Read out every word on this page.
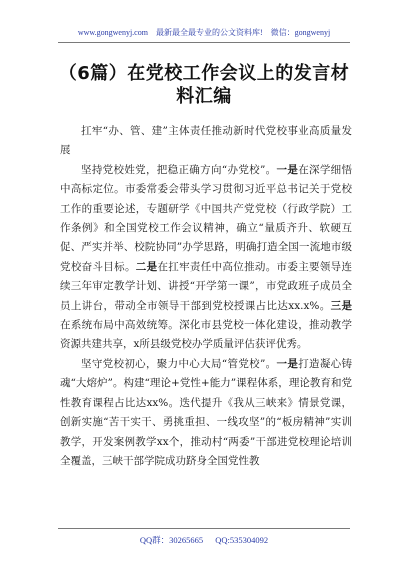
www.gongwenyj.com 最新最全最专业的公文资料库! 微信：gongwenyj
（6篇）在党校工作会议上的发言材料汇编

扛牢“办、管、建”主体责任推动新时代党校事业高质量发展

坚持党校姓党，把稳正确方向“办党校”。一是在深学细悟中高标定位。市委常委会带头学习贯彻习近平总书记关于党校工作的重要论述，专题研学《中国共产党党校（行政学院）工作条例》和全国党校工作会议精神，确立“量质齐升、软硬互促、严实并举、校院协同”办学思路，明确打造全国一流地市级党校奋斗目标。二是在扛牢责任中高位推动。市委主要领导连续三年审定教学计划、讲授“开学第一课”，市党政班子成员全员上讲台，带动全市领导干部到党校授课占比达xx.x%。三是在系统布局中高效统筹。深化市县党校一体化建设，推动教学资源共建共享，x所县级党校办学质量评估获评优秀。

坚守党校初心，聚力中心大局“管党校”。一是打造凝心铸魂“大熔炉”。构建“理论+党性+能力”课程体系，理论教育和党性教育课程占比达xx%。迭代提升《我从三峡来》情景党课，创新实施“苦干实干、勇挑重担、一线攻坚”的“板房精神”实训教学，开发案例教学xx个，推动村“两委”干部进党校理论培训全覆盖，三峡干部学院成功跻身全国党性教

QQ群：30265665 QQ:535304092
